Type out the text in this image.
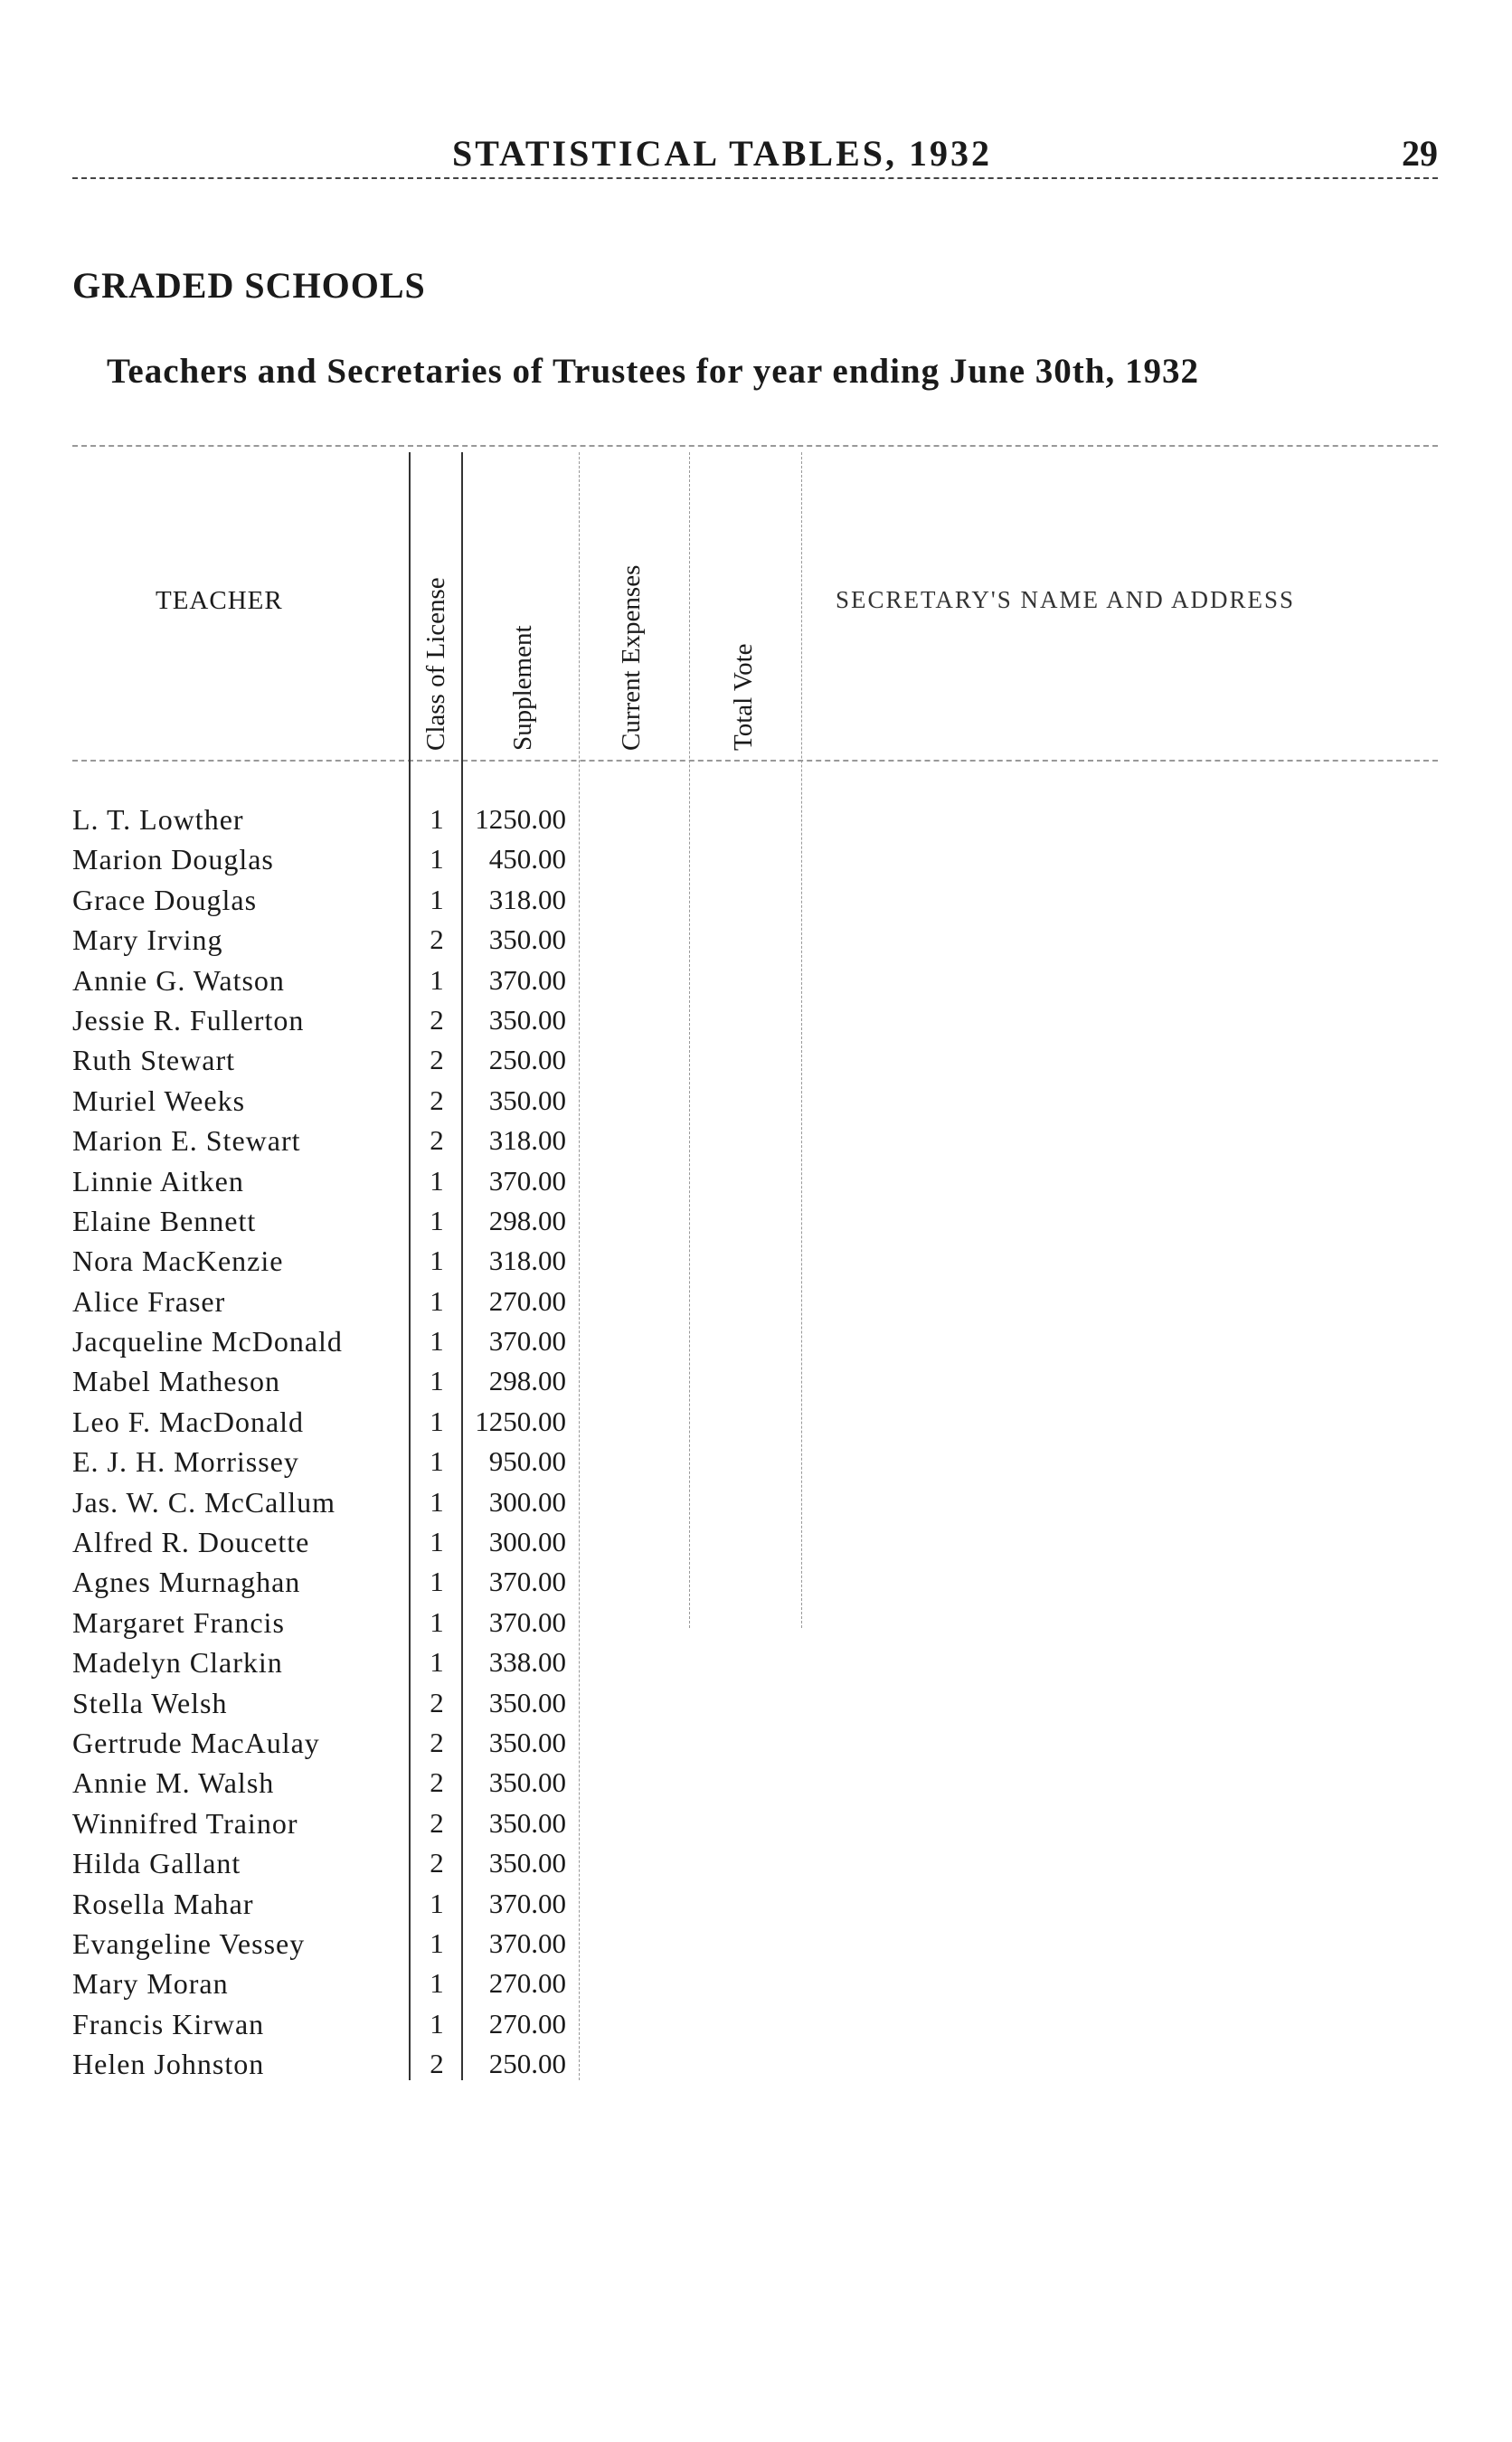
STATISTICAL TABLES, 1932	29
GRADED SCHOOLS
Teachers and Secretaries of Trustees for year ending June 30th, 1932
TEACHER	Class of License Supplement	Current Expenses	Total Vote
SECRETARY'S NAME AND ADDRESS
L. T. Lowther	1 1250.00
Marion Douglas	1	450.00
Grace Douglas	1	318.00
Mary Irving	2	350.00
Annie G. Watson	1	370.00
Jessie R. Fullerton	2	350.00
Ruth Stewart	2	250.00
Muriel Weeks	2	350.00
Marion E. Stewart	2	318.00
Linnie Aitken	1	370.00
Elaine Bennett	1	298.00
Nora MacKenzie	1	318.00
Alice Fraser	1	270.00
Jacqueline McDonald	1	370.00
Mabel Matheson	1	298.00
Leo F. MacDonald	1 1250.00
E. J. H. Morrissey	1	950.00
Jas. W. C. McCallum	1	300.00
Alfred R. Doucette	1	300.00
Agnes Murnaghan	1	370.00
Margaret Francis	1	370.00
Madelyn Clarkin	1	338.00
Stella Welsh	2	350.00
Gertrude MacAulay	2	350.00
Annie M. Walsh	2	350.00
Winnifred Trainor	2	350.00
Hilda Gallant	2	350.00
Rosella Mahar	1	370.00
Evangeline Vessey	1	370.00
Mary Moran	1	270.00
Francis Kirwan	1	270.00
Helen Johnston	2	250.00
